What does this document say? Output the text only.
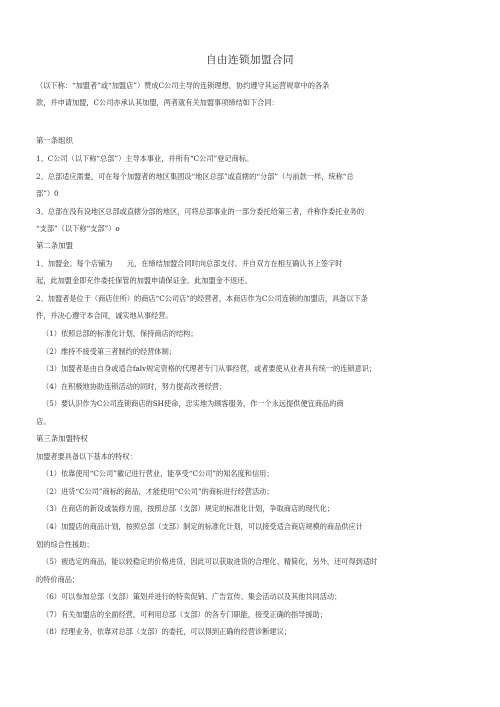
自由连锁加盟合同
（以下称：“加盟者”或“加盟店”）赞成C公司主导的连锁理想，协约遵守其运营规章中的各条
款，并申请加盟，C公司亦承认其加盟，两者就有关加盟事项缔结如下合同：
第一条组织
1、C公司（以下称“总部”）主导本事业，并所有“C公司”登记商标。
2、总部适应需要，可在每个加盟者的地区集团设“地区总部”或直辖的“分部”（与前款一样，统称“总
部”）0
3、总部在没有设地区总部或直辖分部的地区，可将总部事业的一部分委托给第三者，并称作委托业务的
“支部”（以下称“支部”）o
第二条加盟
1、加盟金。每个店铺为　　元，在缔结加盟合同时向总部支付。并自双方在相互确认书上签字时
起，此加盟金即充作委托保管的加盟申请保证金。此加盟金不返还。
2、加盟者是位于（商店住所）的商店“C公司店”的经营者，本商店作为C公司连锁的加盟店，具备以下条
件，并决心遵守本合同，诚实地从事经营。
（1）依照总部的标准化计划，保持商店的结构；
（2）维持不接受第三者制约的经营体制；
（3）加盟者是由自身或适合falv规定资格的代理者专门从事经营，或者要使从业者具有统一的连锁意识；
（4）在积极地协助连锁活动的同时，努力提高改善经营；
（5）要认识作为C公司连锁商店的SH使命，忠实地为顾客服务，作一个永远提供便宜商品的商
店。
第三条加盟特权
加盟者要具备以下基本的特权：
（1）依靠使用“C公司”徽记进行营业，能享受“C公司”的知名度和信用；
（2）进货“C公司”商标的商品，才能使用“C公司”的商标进行经营活动；
（3）在商店的新设或装修方面，按照总部（支部）规定的标准化计划，争取商店的现代化；
（4）加盟店的商品计划，按照总部（支部）制定的标准化计划，可以接受适合商店规模的商品供应计
划的综合性援助；
（5）被选定的商品，能以较稳定的价格进货，因此可以获取进货的合理化、精简化，另外，还可得到适时
的特价商品；
（6）可以参加总部（支部）策划并进行的特卖促销、广告宣传、集会活动以及其他共同活动；
（7）有关加盟店的全面经营，可利用总部（支部）的各专门职能，接受正确的指导援助；
（8）经理业务，依靠对总部（支部）的委托，可以得到正确的经营诊断建议；
